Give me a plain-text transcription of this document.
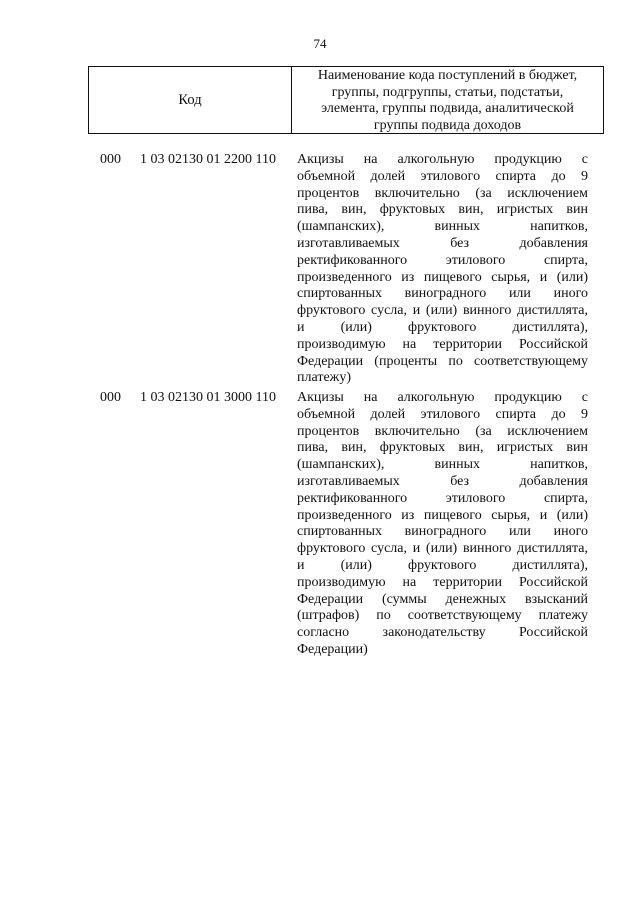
74
Код
Наименование кода поступлений в бюджет,
группы, подгруппы, статьи, подстатьи,
элемента, группы подвида, аналитической
группы подвида доходов
000 1 03 02130 01 2200 110 Акцизы на алкогольную продукцию с
объемной долей этилового спирта до 9
процентов включительно (за исключением
пива, вин, фруктовых вин, игристых вин
(шампанских), винных напитков,
изготавливаемых без добавления
ректификованного этилового спирта,
произведенного из пищевого сырья, и (или)
спиртованных виноградного или иного
фруктового сусла, и (или) винного дистиллята,
и (или) фруктового дистиллята),
производимую на территории Российской
Федерации (проценты по соответствующему
платежу)
000 1 03 02130 01 3000 110 Акцизы на алкогольную продукцию с
объемной долей этилового спирта до 9
процентов включительно (за исключением
пива, вин, фруктовых вин, игристых вин
(шампанских), винных напитков,
изготавливаемых без добавления
ректификованного этилового спирта,
произведенного из пищевого сырья, и (или)
спиртованных виноградного или иного
фруктового сусла, и (или) винного дистиллята,
и (или) фруктового дистиллята),
производимую на территории Российской
Федерации (суммы денежных взысканий
(штрафов) по соответствующему платежу
согласно законодательству Российской
Федерации)
